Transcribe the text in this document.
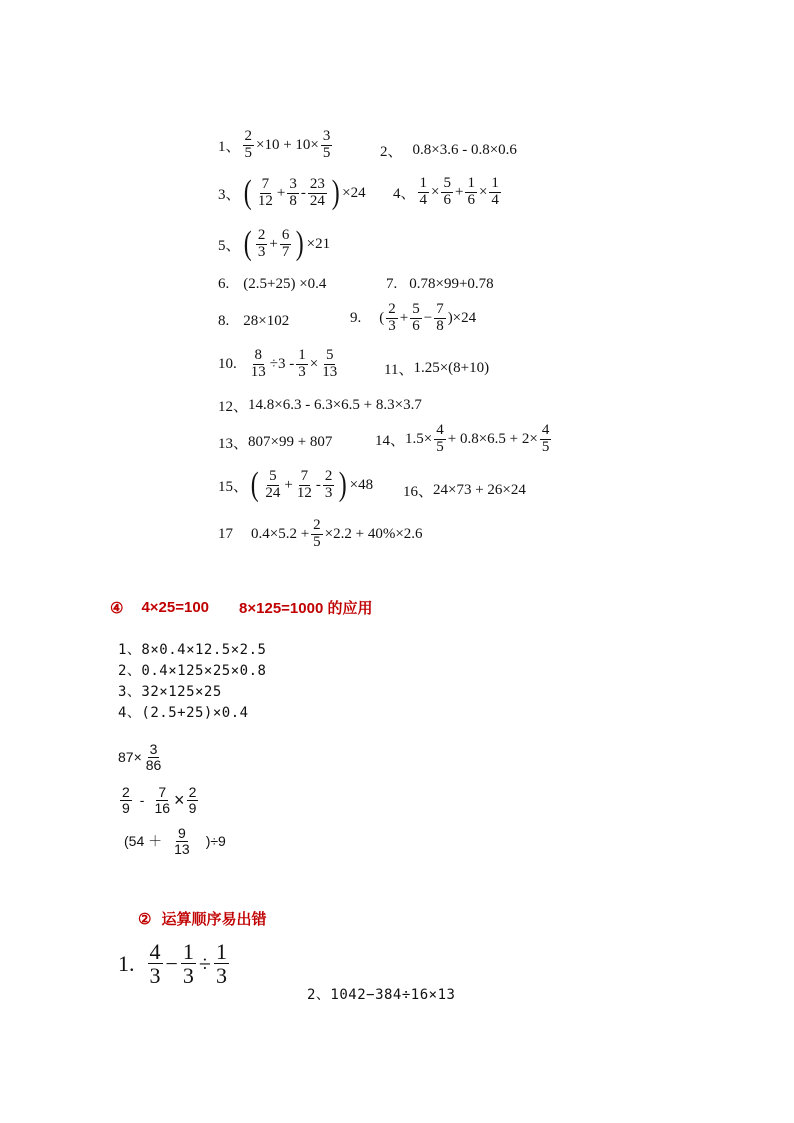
1、 $\frac{2}{5} \times 10 + 10\times \frac{3}{5}$	2、 0.8×3.6 - 0.8×0.6
3、 ( $\frac{7}{12} + \frac{3}{8} - \frac{23}{24}$ ) ×24 4、 $\frac{1}{4} \times \frac{5}{6} + \frac{1}{6} \times \frac{1}{4}$
5、 ( $\frac{2}{3} + \frac{6}{7}$ ) ×21
6. (2.5+25) ×0.4	7. 0.78×99+0.78
8. 28×102	9. ( $\frac{2}{3} + \frac{5}{6} - \frac{7}{8} )\times 24$
10. $\frac{8}{13} \div 3 - \frac{1}{3} \times \frac{5}{13}$	11、 1.25×(8+10)
12、 14.8×6.3 - 6.3×6.5 + 8.3×3.7
13、 807×99 + 807	14、 $1.5\times \frac{4}{5} + 0.8\times 6.5 + 2\times \frac{4}{5}$
15、 ( $\frac{5}{24} + \frac{7}{12} - \frac{2}{3}$ ) ×48 16、 24×73 + 26×24
17 $0.4\times 5.2 + \frac{2}{5} \times 2.2 + 40\%\times 2.6$
④ 4×25=100 8×125=1000 的应用
1、8×0.4×12.5×2.5
2、0.4×125×25×0.8
3、32×125×25
4、(2.5+25)×0.4
$87\times \frac{3}{86}$
$\frac{2}{9} - \frac{7}{16} \times \frac{2}{9}$
$(54 + \frac{9}{13} )\div 9$
② 运算顺序易出错
1. $\frac{4}{3} - \frac{1}{3} \div \frac{1}{3}$
2、1042−384÷16×13
